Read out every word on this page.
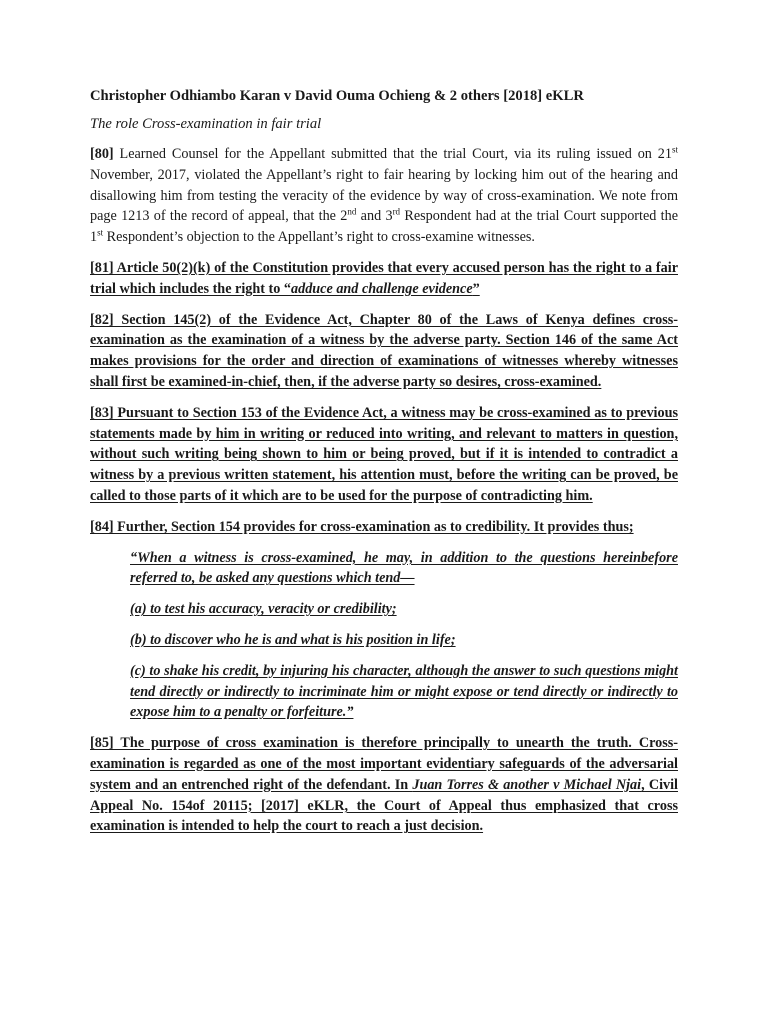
Christopher Odhiambo Karan v David Ouma Ochieng & 2 others [2018] eKLR
The role Cross-examination in fair trial

[80] Learned Counsel for the Appellant submitted that the trial Court, via its ruling issued on 21st November, 2017, violated the Appellant’s right to fair hearing by locking him out of the hearing and disallowing him from testing the veracity of the evidence by way of cross-examination. We note from page 1213 of the record of appeal, that the 2nd and 3rd Respondent had at the trial Court supported the 1st Respondent’s objection to the Appellant’s right to cross-examine witnesses.

[81] Article 50(2)(k) of the Constitution provides that every accused person has the right to a fair trial which includes the right to “adduce and challenge evidence”

[82] Section 145(2) of the Evidence Act, Chapter 80 of the Laws of Kenya defines cross-examination as the examination of a witness by the adverse party. Section 146 of the same Act makes provisions for the order and direction of examinations of witnesses whereby witnesses shall first be examined-in-chief, then, if the adverse party so desires, cross-examined.

[83] Pursuant to Section 153 of the Evidence Act, a witness may be cross-examined as to previous statements made by him in writing or reduced into writing, and relevant to matters in question, without such writing being shown to him or being proved, but if it is intended to contradict a witness by a previous written statement, his attention must, before the writing can be proved, be called to those parts of it which are to be used for the purpose of contradicting him.

[84] Further, Section 154 provides for cross-examination as to credibility. It provides thus;

“When a witness is cross-examined, he may, in addition to the questions hereinbefore referred to, be asked any questions which tend—

(a) to test his accuracy, veracity or credibility;

(b) to discover who he is and what is his position in life;

(c) to shake his credit, by injuring his character, although the answer to such questions might tend directly or indirectly to incriminate him or might expose or tend directly or indirectly to expose him to a penalty or forfeiture.”

[85] The purpose of cross examination is therefore principally to unearth the truth. Cross-examination is regarded as one of the most important evidentiary safeguards of the adversarial system and an entrenched right of the defendant. In Juan Torres & another v Michael Njai, Civil Appeal No. 154of 20115; [2017] eKLR, the Court of Appeal thus emphasized that cross examination is intended to help the court to reach a just decision.
